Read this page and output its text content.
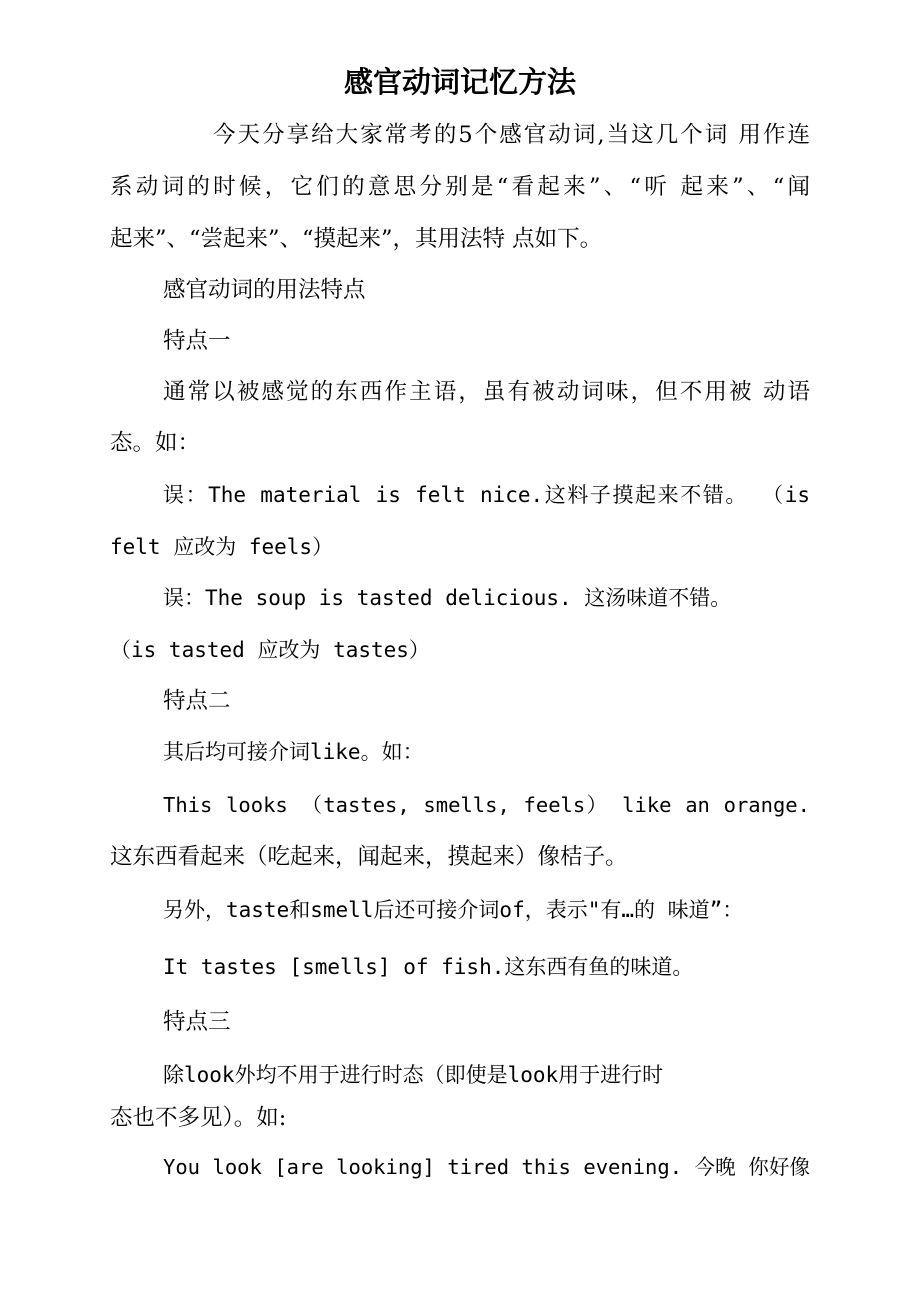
感官动词记忆方法

今天分享给大家常考的5个感官动词,当这几个词 用作连

系动词的时候，它们的意思分别是“看起来”、“听 起来”、“闻

起来”、“尝起来”、“摸起来”，其用法特 点如下。

感官动词的用法特点

特点一

通常以被感觉的东西作主语，虽有被动词味，但不用被 动语

态。如：

误：The material is felt nice.这料子摸起来不错。 （is

felt 应改为 feels）

误：The soup is tasted delicious. 这汤味道不错。

（is tasted 应改为 tastes）

特点二

其后均可接介词like。如：

This looks （tastes, smells, feels） like an orange.

这东西看起来（吃起来，闻起来，摸起来）像桔子。

另外，taste和smell后还可接介词of，表示"有…的 味道”：

It tastes [smells] of fish.这东西有鱼的味道。

特点三

除look外均不用于进行时态（即使是look用于进行时

态也不多见）。如:

You look [are looking] tired this evening. 今晚 你好像
